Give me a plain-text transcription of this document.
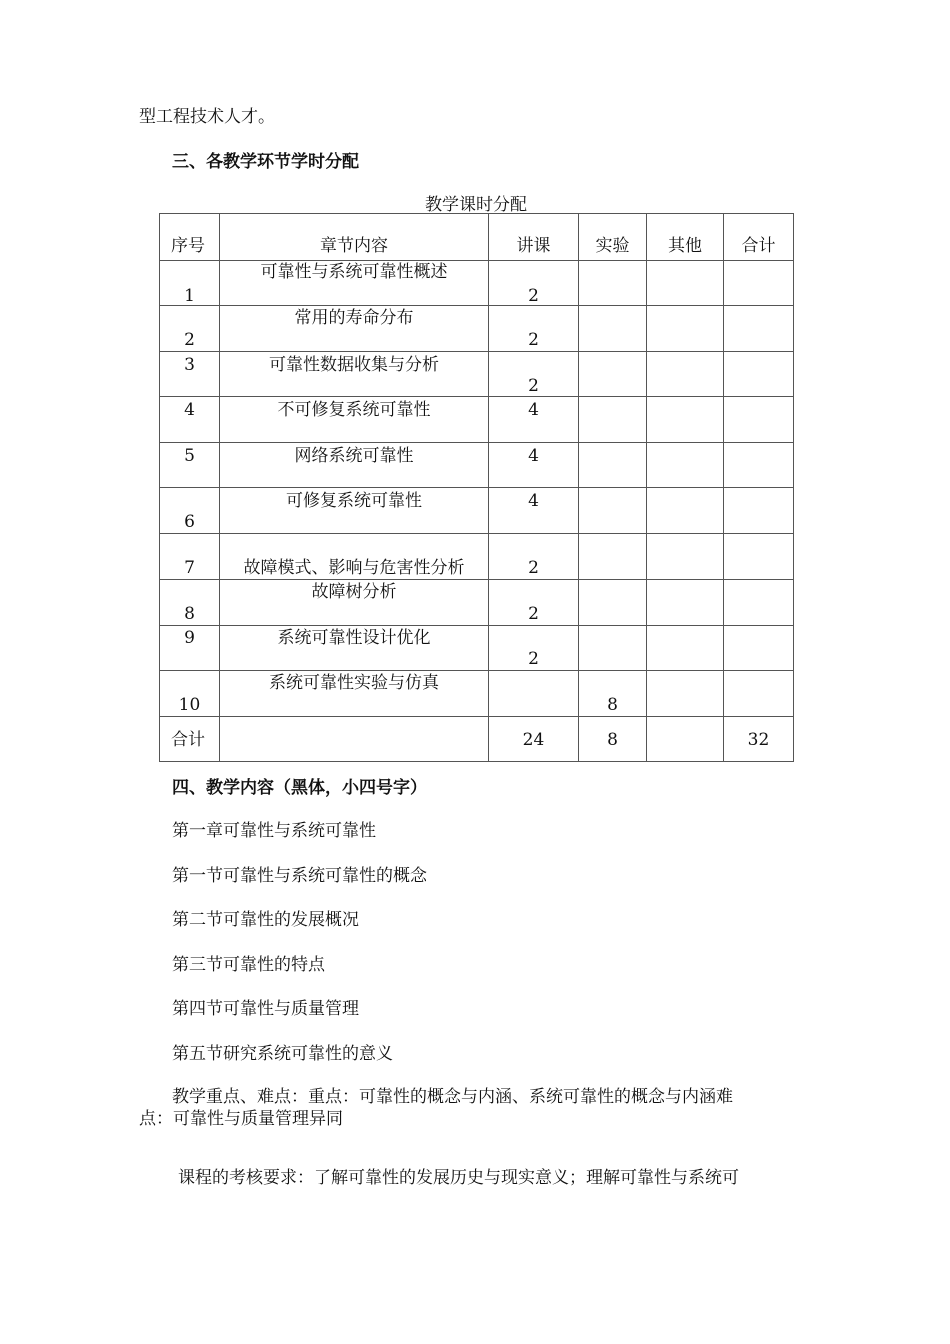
型工程技术人才。
三、各教学环节学时分配
教学课时分配
序号	章节内容	讲课	实验	其他	合计

1	可靠性与系统可靠性概述	2			

2	常用的寿命分布	2			

3	可靠性数据收集与分析	2			

4	不可修复系统可靠性	4			

5	网络系统可靠性	4			

6	可修复系统可靠性	4			

7	故障模式、影响与危害性分析	2			

8	故障树分析	2			

9	系统可靠性设计优化	2			

10	系统可靠性实验与仿真		8		

合计		24	8		32
四、教学内容（黑体，小四号字）
第一章可靠性与系统可靠性
第一节可靠性与系统可靠性的概念
第二节可靠性的发展概况
第三节可靠性的特点
第四节可靠性与质量管理
第五节研究系统可靠性的意义
教学重点、难点：重点：可靠性的概念与内涵、系统可靠性的概念与内涵难
点：可靠性与质量管理异同
课程的考核要求：了解可靠性的发展历史与现实意义；理解可靠性与系统可
